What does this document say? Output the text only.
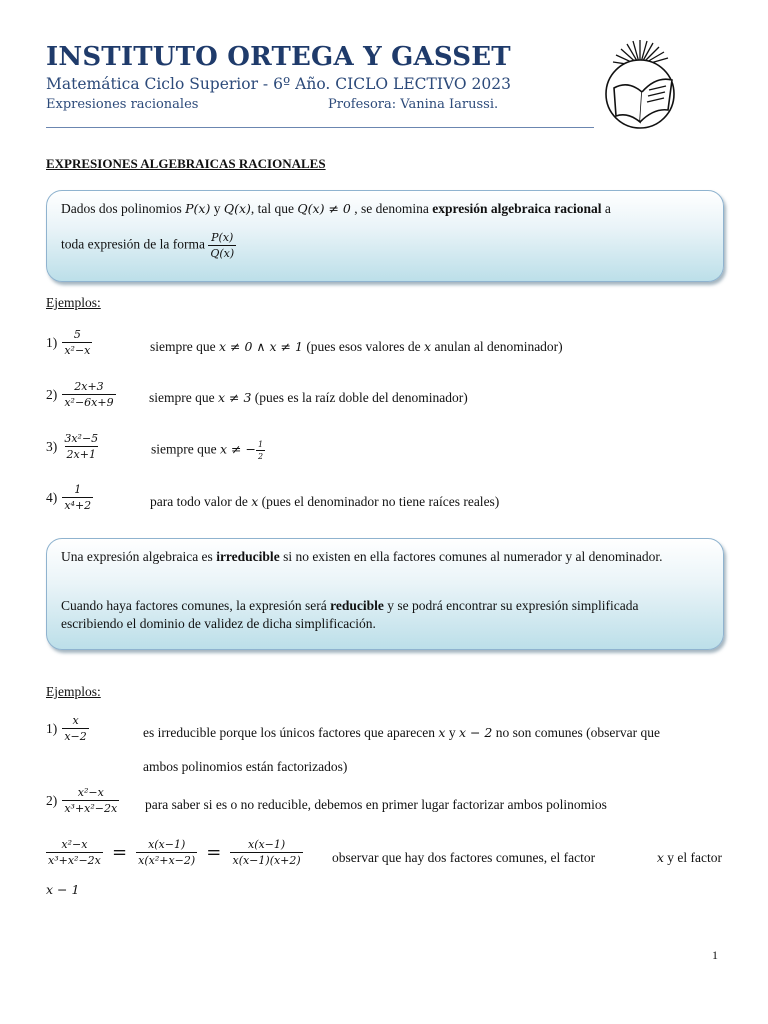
INSTITUTO ORTEGA Y GASSET
Matemática Ciclo Superior - 6º Año. CICLO LECTIVO 2023
Expresiones racionales	Profesora: Vanina Iarussi.
EXPRESIONES ALGEBRAICAS RACIONALES
Dados dos polinomios P(x) y Q(x), tal que Q(x) ≠ 0 , se denomina expresión algebraica racional a
toda expresión de la forma $\frac{P(x)}{Q(x)}$
Ejemplos:
$1) \frac{5}{\text{x²−x}}$	siempre que x ≠ 0 ∧ x ≠ 1 (pues esos valores de x anulan al denominador)
$2) \frac{2x+3}{\text{x²−6x+9}}$ siempre que x ≠ 3 (pues es la raíz doble del denominador)
$3) \frac{\text{3x²−5}}{2x+1}$	siempre que x ≠ − $\frac{1}{2}$
$4) \frac{1}{\text{x⁴+2}}$	para todo valor de x (pues el denominador no tiene raíces reales)
Una expresión algebraica es irreducible si no existen en ella factores comunes al numerador y al denominador.
Cuando haya factores comunes, la expresión será reducible y se podrá encontrar su expresión simplificada escribiendo el dominio de validez de dicha simplificación.
Ejemplos:
$1) \frac{x}{x-2}$	es irreducible porque los únicos factores que aparecen x y x − 2 no son comunes (observar que
ambos polinomios están factorizados)
$2) \frac{\text{x²−x}}{\text{x³+x²−2x}}$ para saber si es o no reducible, debemos en primer lugar factorizar ambos polinomios
$\frac{\text{x²−x}}{\text{x³+x²−2x}} = \frac{x(x-1)}{\text{x(x²+x−2)}} = \frac{x(x-1)}{x(x-1)(x+2)}$ observar que hay dos factores comunes, el factor	x y el factor
x − 1
1
